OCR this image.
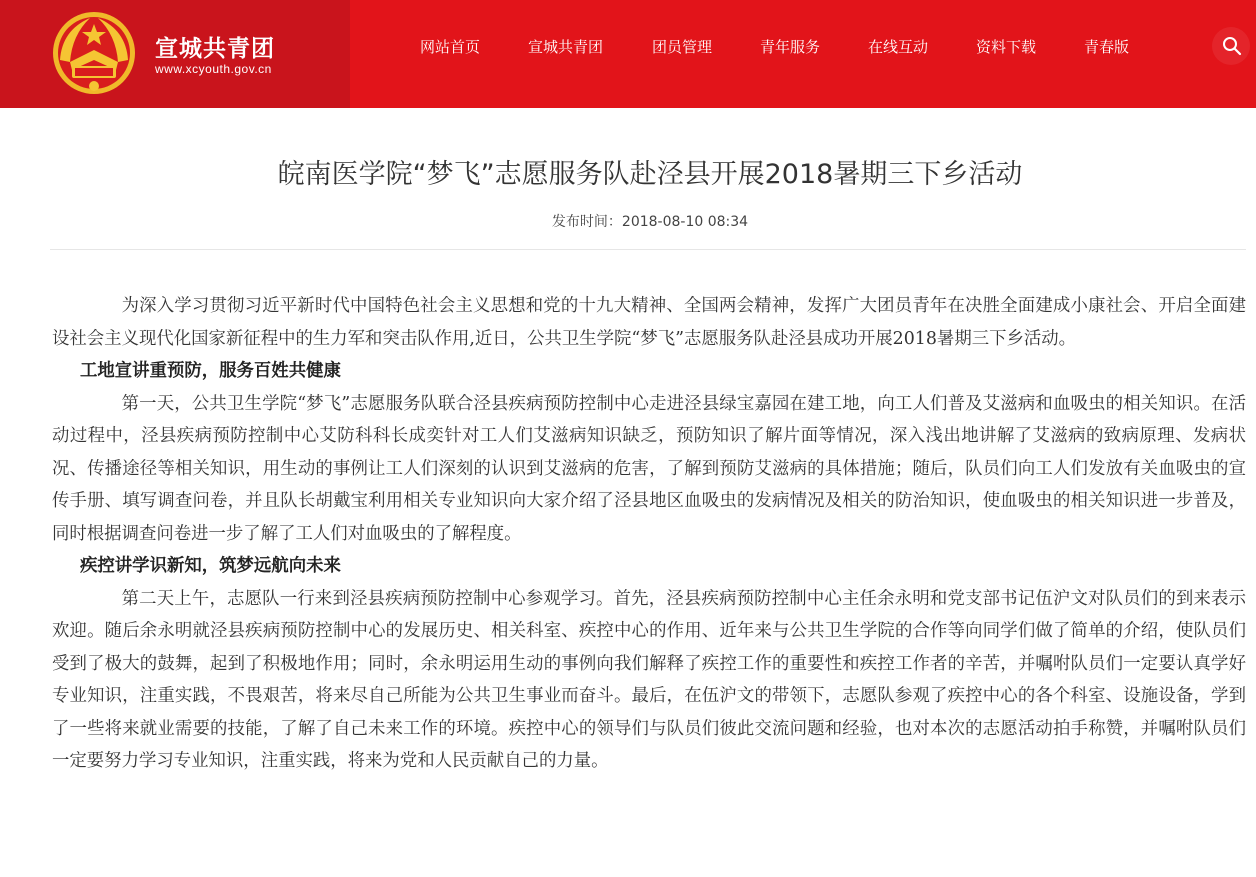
宣城共青团
www.xcyouth.gov.cn
网站首页	宣城共青团	团员管理	青年服务	在线互动	资料下载	青春版
皖南医学院“梦飞”志愿服务队赴泾县开展2018暑期三下乡活动
发布时间：2018-08-10 08:34

为深入学习贯彻习近平新时代中国特色社会主义思想和党的十九大精神、全国两会精神，发挥广大团员青年在决胜全面建成小康社会、开启全面建设社会主义现代化国家新征程中的生力军和突击队作用,近日，公共卫生学院“梦飞”志愿服务队赴泾县成功开展2018暑期三下乡活动。

工地宣讲重预防，服务百姓共健康

第一天，公共卫生学院“梦飞”志愿服务队联合泾县疾病预防控制中心走进泾县绿宝嘉园在建工地，向工人们普及艾滋病和血吸虫的相关知识。在活动过程中，泾县疾病预防控制中心艾防科科长成奕针对工人们艾滋病知识缺乏，预防知识了解片面等情况，深入浅出地讲解了艾滋病的致病原理、发病状况、传播途径等相关知识，用生动的事例让工人们深刻的认识到艾滋病的危害，了解到预防艾滋病的具体措施；随后，队员们向工人们发放有关血吸虫的宣传手册、填写调查问卷，并且队长胡戴宝利用相关专业知识向大家介绍了泾县地区血吸虫的发病情况及相关的防治知识，使血吸虫的相关知识进一步普及，同时根据调查问卷进一步了解了工人们对血吸虫的了解程度。

疾控讲学识新知，筑梦远航向未来

第二天上午，志愿队一行来到泾县疾病预防控制中心参观学习。首先，泾县疾病预防控制中心主任余永明和党支部书记伍沪文对队员们的到来表示欢迎。随后余永明就泾县疾病预防控制中心的发展历史、相关科室、疾控中心的作用、近年来与公共卫生学院的合作等向同学们做了简单的介绍，使队员们受到了极大的鼓舞，起到了积极地作用；同时，余永明运用生动的事例向我们解释了疾控工作的重要性和疾控工作者的辛苦，并嘱咐队员们一定要认真学好专业知识，注重实践，不畏艰苦，将来尽自己所能为公共卫生事业而奋斗。最后，在伍沪文的带领下，志愿队参观了疾控中心的各个科室、设施设备，学到了一些将来就业需要的技能，了解了自己未来工作的环境。疾控中心的领导们与队员们彼此交流问题和经验，也对本次的志愿活动拍手称赞，并嘱咐队员们一定要努力学习专业知识，注重实践，将来为党和人民贡献自己的力量。
